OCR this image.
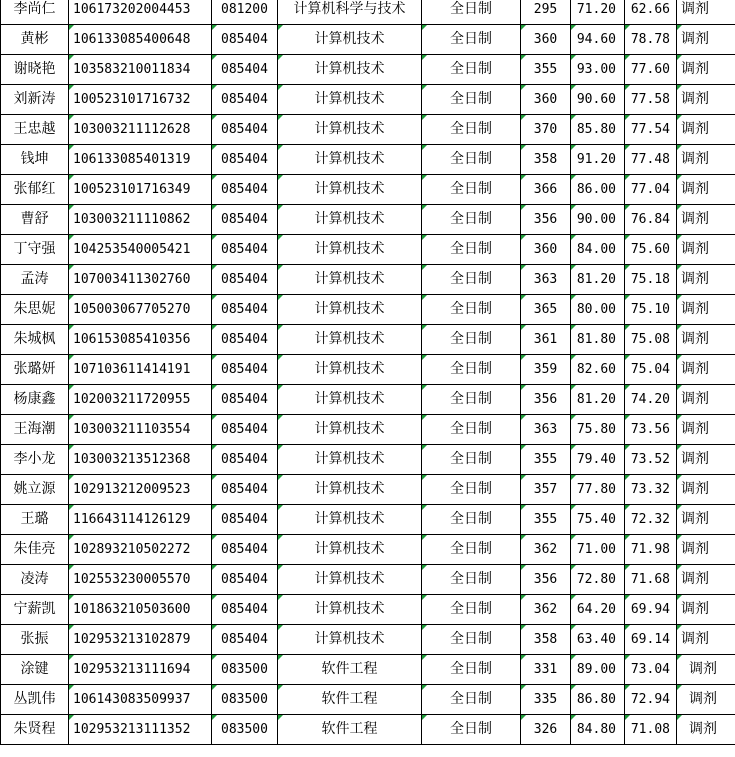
李尚仁	106173202004453	081200	计算机科学与技术	全日制	295	71.20	62.66	调剂
黄彬	106133085400648	085404	计算机技术	全日制	360	94.60	78.78	调剂
谢晓艳	103583210011834	085404	计算机技术	全日制	355	93.00	77.60	调剂
刘新涛	100523101716732	085404	计算机技术	全日制	360	90.60	77.58	调剂
王忠越	103003211112628	085404	计算机技术	全日制	370	85.80	77.54	调剂
钱坤	106133085401319	085404	计算机技术	全日制	358	91.20	77.48	调剂
张郁红	100523101716349	085404	计算机技术	全日制	366	86.00	77.04	调剂
曹舒	103003211110862	085404	计算机技术	全日制	356	90.00	76.84	调剂
丁守强	104253540005421	085404	计算机技术	全日制	360	84.00	75.60	调剂
孟涛	107003411302760	085404	计算机技术	全日制	363	81.20	75.18	调剂
朱思妮	105003067705270	085404	计算机技术	全日制	365	80.00	75.10	调剂
朱城枫	106153085410356	085404	计算机技术	全日制	361	81.80	75.08	调剂
张璐妍	107103611414191	085404	计算机技术	全日制	359	82.60	75.04	调剂
杨康鑫	102003211720955	085404	计算机技术	全日制	356	81.20	74.20	调剂
王海潮	103003211103554	085404	计算机技术	全日制	363	75.80	73.56	调剂
李小龙	103003213512368	085404	计算机技术	全日制	355	79.40	73.52	调剂
姚立源	102913212009523	085404	计算机技术	全日制	357	77.80	73.32	调剂
王璐	116643114126129	085404	计算机技术	全日制	355	75.40	72.32	调剂
朱佳亮	102893210502272	085404	计算机技术	全日制	362	71.00	71.98	调剂
凌涛	102553230005570	085404	计算机技术	全日制	356	72.80	71.68	调剂
宁薪凯	101863210503600	085404	计算机技术	全日制	362	64.20	69.94	调剂
张振	102953213102879	085404	计算机技术	全日制	358	63.40	69.14	调剂
涂键	102953213111694	083500	软件工程	全日制	331	89.00	73.04	调剂
丛凯伟	106143083509937	083500	软件工程	全日制	335	86.80	72.94	调剂
朱贤程	102953213111352	083500	软件工程	全日制	326	84.80	71.08	调剂
